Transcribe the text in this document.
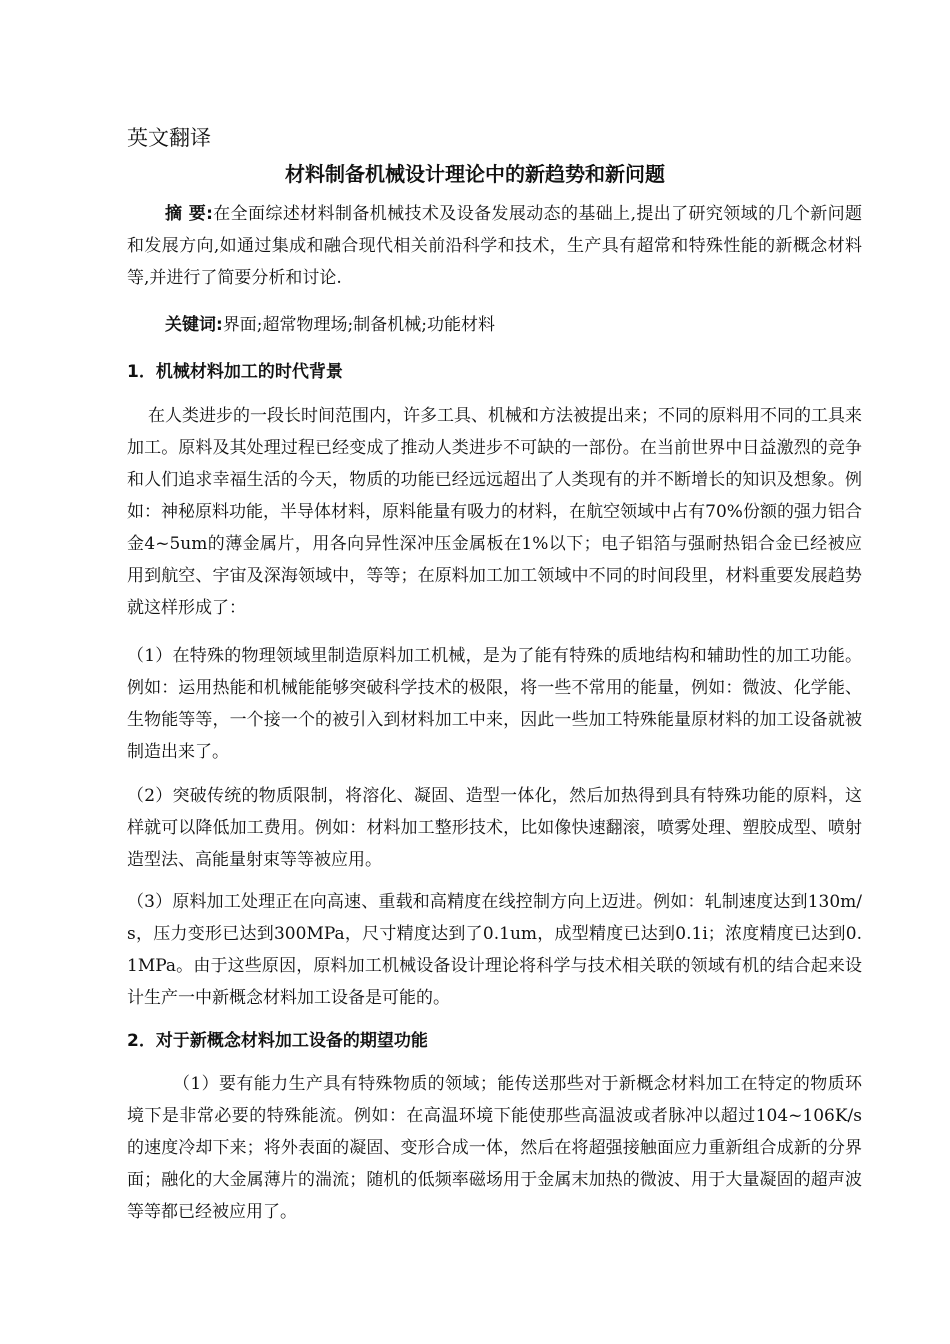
英文翻译
材料制备机械设计理论中的新趋势和新问题
摘 要:在全面综述材料制备机械技术及设备发展动态的基础上,提出了研究领域的几个新问题和发展方向,如通过集成和融合现代相关前沿科学和技术，生产具有超常和特殊性能的新概念材料等,并进行了简要分析和讨论.
关键词:界面;超常物理场;制备机械;功能材料
1．机械材料加工的时代背景
在人类进步的一段长时间范围内，许多工具、机械和方法被提出来；不同的原料用不同的工具来加工。原料及其处理过程已经变成了推动人类进步不可缺的一部份。在当前世界中日益激烈的竞争和人们追求幸福生活的今天，物质的功能已经远远超出了人类现有的并不断增长的知识及想象。例如：神秘原料功能，半导体材料，原料能量有吸力的材料，在航空领域中占有70%份额的强力铝合金4~5um的薄金属片，用各向异性深冲压金属板在1%以下；电子铝箔与强耐热铝合金已经被应用到航空、宇宙及深海领域中，等等；在原料加工加工领域中不同的时间段里，材料重要发展趋势就这样形成了：
（1）在特殊的物理领域里制造原料加工机械，是为了能有特殊的质地结构和辅助性的加工功能。例如：运用热能和机械能能够突破科学技术的极限，将一些不常用的能量，例如：微波、化学能、生物能等等，一个接一个的被引入到材料加工中来，因此一些加工特殊能量原材料的加工设备就被制造出来了。
（2）突破传统的物质限制，将溶化、凝固、造型一体化，然后加热得到具有特殊功能的原料，这样就可以降低加工费用。例如：材料加工整形技术，比如像快速翻滚，喷雾处理、塑胶成型、喷射造型法、高能量射束等等被应用。
（3）原料加工处理正在向高速、重载和高精度在线控制方向上迈进。例如：轧制速度达到130m/s，压力变形已达到300MPa，尺寸精度达到了0.1um，成型精度已达到0.1i；浓度精度已达到0.1MPa。由于这些原因，原料加工机械设备设计理论将科学与技术相关联的领域有机的结合起来设计生产一中新概念材料加工设备是可能的。
2．对于新概念材料加工设备的期望功能
（1）要有能力生产具有特殊物质的领域；能传送那些对于新概念材料加工在特定的物质环境下是非常必要的特殊能流。例如：在高温环境下能使那些高温波或者脉冲以超过104~106K/s的速度冷却下来；将外表面的凝固、变形合成一体，然后在将超强接触面应力重新组合成新的分界面；融化的大金属薄片的湍流；随机的低频率磁场用于金属末加热的微波、用于大量凝固的超声波等等都已经被应用了。
